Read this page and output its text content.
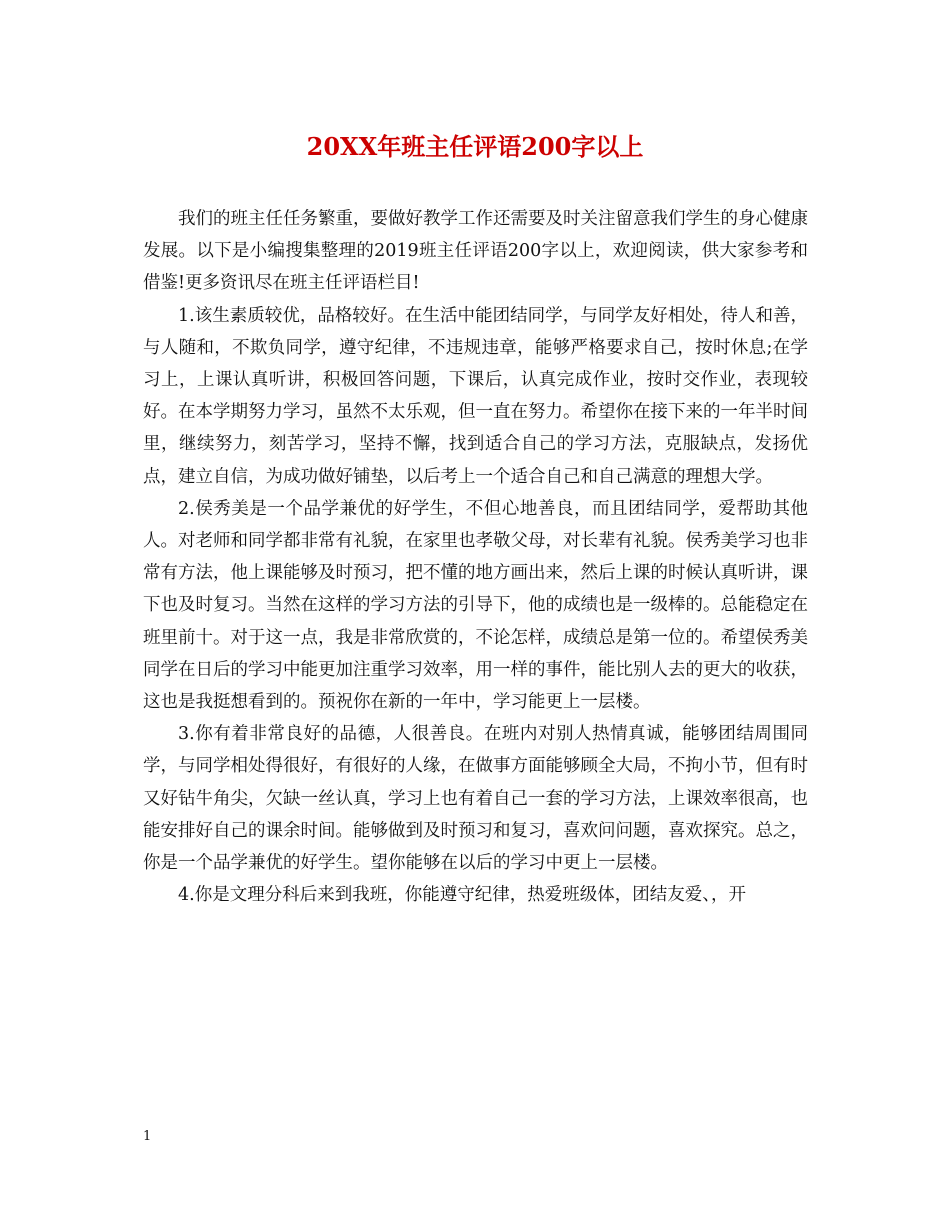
20XX年班主任评语200字以上

我们的班主任任务繁重，要做好教学工作还需要及时关注留意我们学生的身心健康发展。以下是小编搜集整理的2019班主任评语200字以上，欢迎阅读，供大家参考和借鉴!更多资讯尽在班主任评语栏目!

1.该生素质较优，品格较好。在生活中能团结同学，与同学友好相处，待人和善，与人随和，不欺负同学，遵守纪律，不违规违章，能够严格要求自己，按时休息;在学习上，上课认真听讲，积极回答问题，下课后，认真完成作业，按时交作业，表现较好。在本学期努力学习，虽然不太乐观，但一直在努力。希望你在接下来的一年半时间里，继续努力，刻苦学习，坚持不懈，找到适合自己的学习方法，克服缺点，发扬优点，建立自信，为成功做好铺垫，以后考上一个适合自己和自己满意的理想大学。

2.侯秀美是一个品学兼优的好学生，不但心地善良，而且团结同学，爱帮助其他人。对老师和同学都非常有礼貌，在家里也孝敬父母，对长辈有礼貌。侯秀美学习也非常有方法，他上课能够及时预习，把不懂的地方画出来，然后上课的时候认真听讲，课下也及时复习。当然在这样的学习方法的引导下，他的成绩也是一级棒的。总能稳定在班里前十。对于这一点，我是非常欣赏的，不论怎样，成绩总是第一位的。希望侯秀美同学在日后的学习中能更加注重学习效率，用一样的事件，能比别人去的更大的收获，这也是我挺想看到的。预祝你在新的一年中，学习能更上一层楼。

3.你有着非常良好的品德，人很善良。在班内对别人热情真诚，能够团结周围同学，与同学相处得很好，有很好的人缘，在做事方面能够顾全大局，不拘小节，但有时又好钻牛角尖，欠缺一丝认真，学习上也有着自己一套的学习方法，上课效率很高，也能安排好自己的课余时间。能够做到及时预习和复习，喜欢问问题，喜欢探究。总之，你是一个品学兼优的好学生。望你能够在以后的学习中更上一层楼。

4.你是文理分科后来到我班，你能遵守纪律，热爱班级体，团结友爱、，开

1
